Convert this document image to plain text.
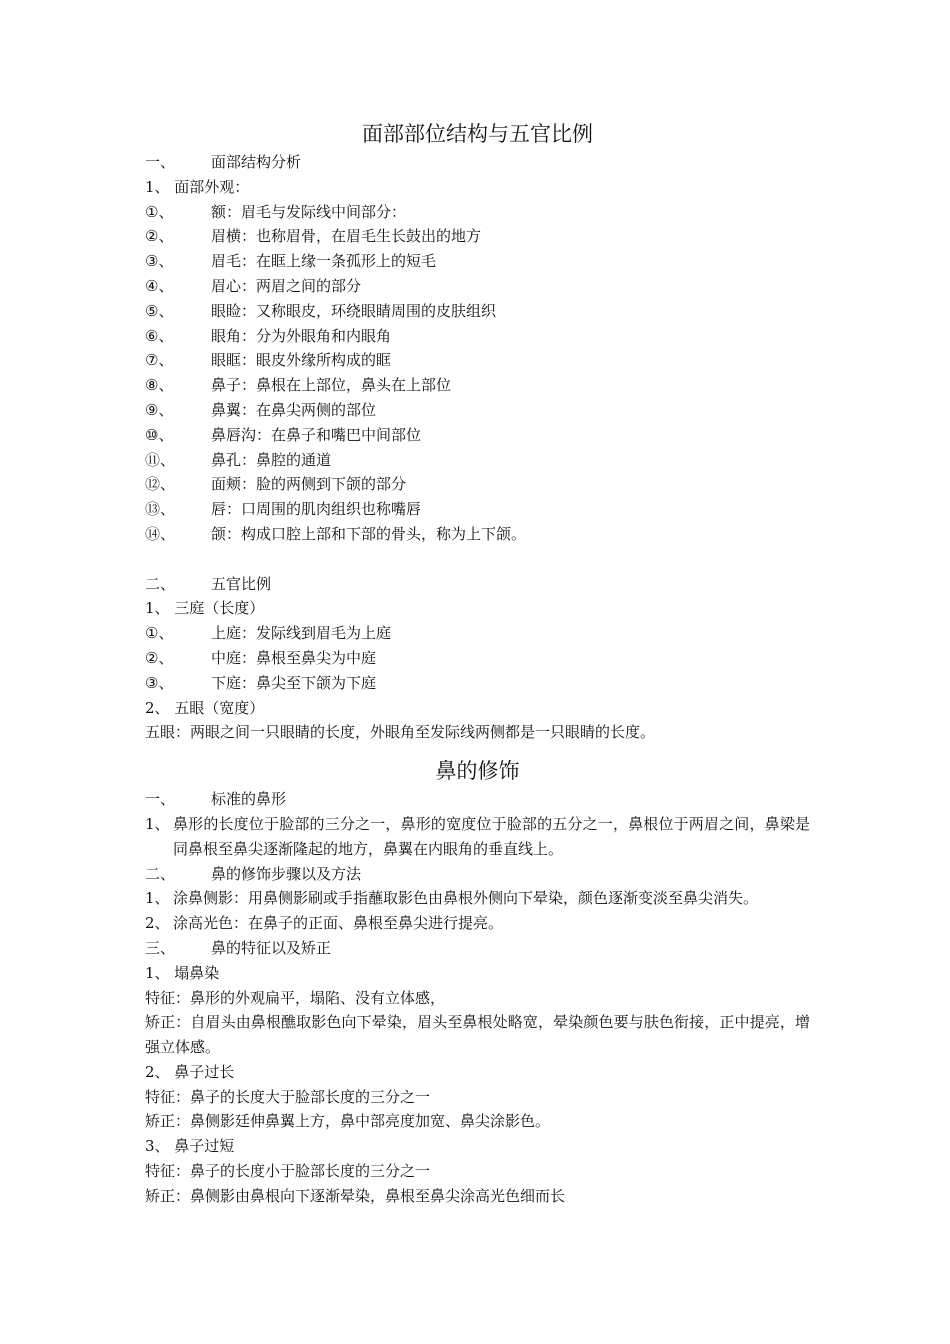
面部部位结构与五官比例
一、	面部结构分析
1、 面部外观：
①、	额：眉毛与发际线中间部分：
②、	眉横：也称眉骨，在眉毛生长鼓出的地方
③、	眉毛：在眶上缘一条孤形上的短毛
④、	眉心：两眉之间的部分
⑤、	眼睑：又称眼皮，环绕眼睛周围的皮肤组织
⑥、	眼角：分为外眼角和内眼角
⑦、	眼眶：眼皮外缘所构成的眶
⑧、	鼻子：鼻根在上部位，鼻头在上部位
⑨、	鼻翼：在鼻尖两侧的部位
⑩、	鼻唇沟：在鼻子和嘴巴中间部位
⑪、	鼻孔：鼻腔的通道
⑫、	面颊：脸的两侧到下颌的部分
⑬、	唇：口周围的肌肉组织也称嘴唇
⑭、	颌：构成口腔上部和下部的骨头，称为上下颌。
二、	五官比例
1、 三庭（长度）
①、	上庭：发际线到眉毛为上庭
②、	中庭：鼻根至鼻尖为中庭
③、	下庭：鼻尖至下颌为下庭
2、 五眼（宽度）
五眼：两眼之间一只眼睛的长度，外眼角至发际线两侧都是一只眼睛的长度。
鼻的修饰
一、	标准的鼻形
1、 鼻形的长度位于脸部的三分之一，鼻形的宽度位于脸部的五分之一，鼻根位于两眉之间，鼻梁是同鼻根至鼻尖逐渐隆起的地方，鼻翼在内眼角的垂直线上。
二、	鼻的修饰步骤以及方法
1、 涂鼻侧影：用鼻侧影刷或手指蘸取影色由鼻根外侧向下晕染，颜色逐渐变淡至鼻尖消失。
2、 涂高光色：在鼻子的正面、鼻根至鼻尖进行提亮。
三、	鼻的特征以及矫正
1、 塌鼻染
特征：鼻形的外观扁平，塌陷、没有立体感，
矫正：自眉头由鼻根醮取影色向下晕染，眉头至鼻根处略宽，晕染颜色要与肤色衔接，正中提亮，增强立体感。
2、 鼻子过长
特征：鼻子的长度大于脸部长度的三分之一
矫正：鼻侧影廷伸鼻翼上方，鼻中部亮度加宽、鼻尖涂影色。
3、 鼻子过短
特征：鼻子的长度小于脸部长度的三分之一
矫正：鼻侧影由鼻根向下逐渐晕染，鼻根至鼻尖涂高光色细而长
